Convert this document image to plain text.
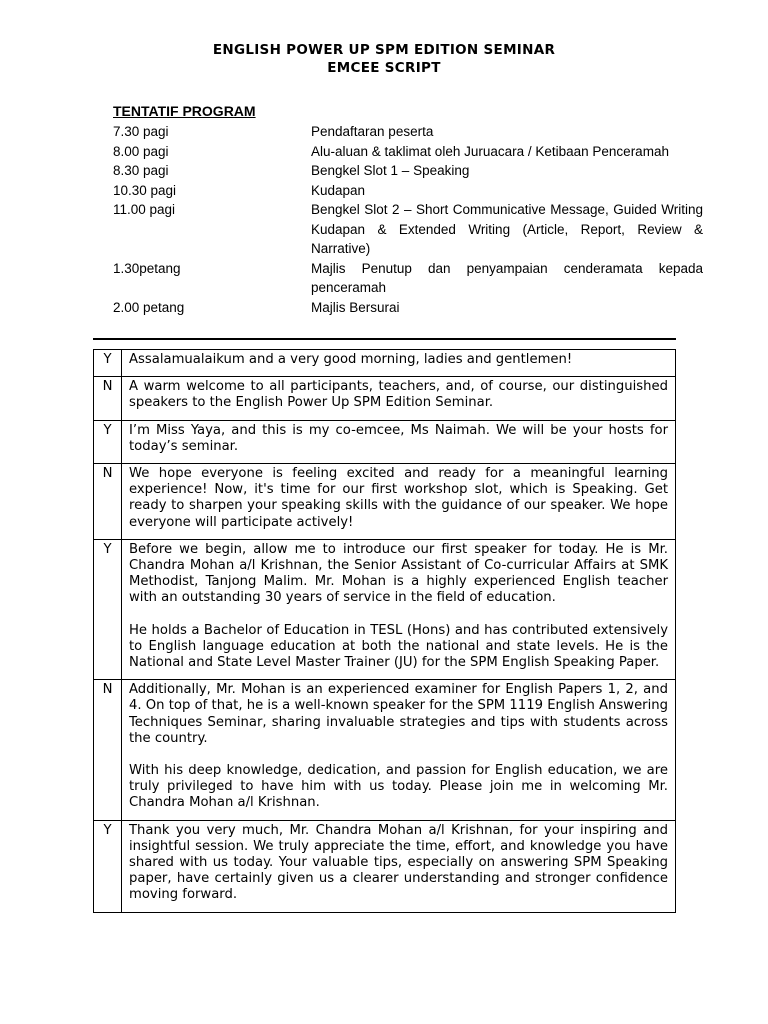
ENGLISH POWER UP SPM EDITION SEMINAR
EMCEE SCRIPT
TENTATIF PROGRAM
7.30 pagi	Pendaftaran peserta
8.00 pagi	Alu-aluan & taklimat oleh Juruacara / Ketibaan Penceramah
8.30 pagi	Bengkel Slot 1 – Speaking
10.30 pagi	Kudapan
11.00 pagi	Bengkel Slot 2 – Short Communicative Message, Guided Writing Kudapan & Extended Writing (Article, Report, Review & Narrative)
1.30petang	Majlis Penutup dan penyampaian cenderamata kepada penceramah
2.00 petang	Majlis Bersurai
Y	Assalamualaikum and a very good morning, ladies and gentlemen!

N	A warm welcome to all participants, teachers, and, of course, our distinguished speakers to the English Power Up SPM Edition Seminar.

Y	I’m Miss Yaya, and this is my co-emcee, Ms Naimah. We will be your hosts for today’s seminar.

N	We hope everyone is feeling excited and ready for a meaningful learning experience! Now, it's time for our first workshop slot, which is Speaking. Get ready to sharpen your speaking skills with the guidance of our speaker. We hope everyone will participate actively!

Y	Before we begin, allow me to introduce our first speaker for today. He is Mr. Chandra Mohan a/l Krishnan, the Senior Assistant of Co-curricular Affairs at SMK Methodist, Tanjong Malim. Mr. Mohan is a highly experienced English teacher with an outstanding 30 years of service in the field of education.

He holds a Bachelor of Education in TESL (Hons) and has contributed extensively to English language education at both the national and state levels. He is the National and State Level Master Trainer (JU) for the SPM English Speaking Paper.

N	Additionally, Mr. Mohan is an experienced examiner for English Papers 1, 2, and 4. On top of that, he is a well-known speaker for the SPM 1119 English Answering Techniques Seminar, sharing invaluable strategies and tips with students across the country.

With his deep knowledge, dedication, and passion for English education, we are truly privileged to have him with us today. Please join me in welcoming Mr. Chandra Mohan a/l Krishnan.

Y	Thank you very much, Mr. Chandra Mohan a/l Krishnan, for your inspiring and insightful session. We truly appreciate the time, effort, and knowledge you have shared with us today. Your valuable tips, especially on answering SPM Speaking paper, have certainly given us a clearer understanding and stronger confidence moving forward.
